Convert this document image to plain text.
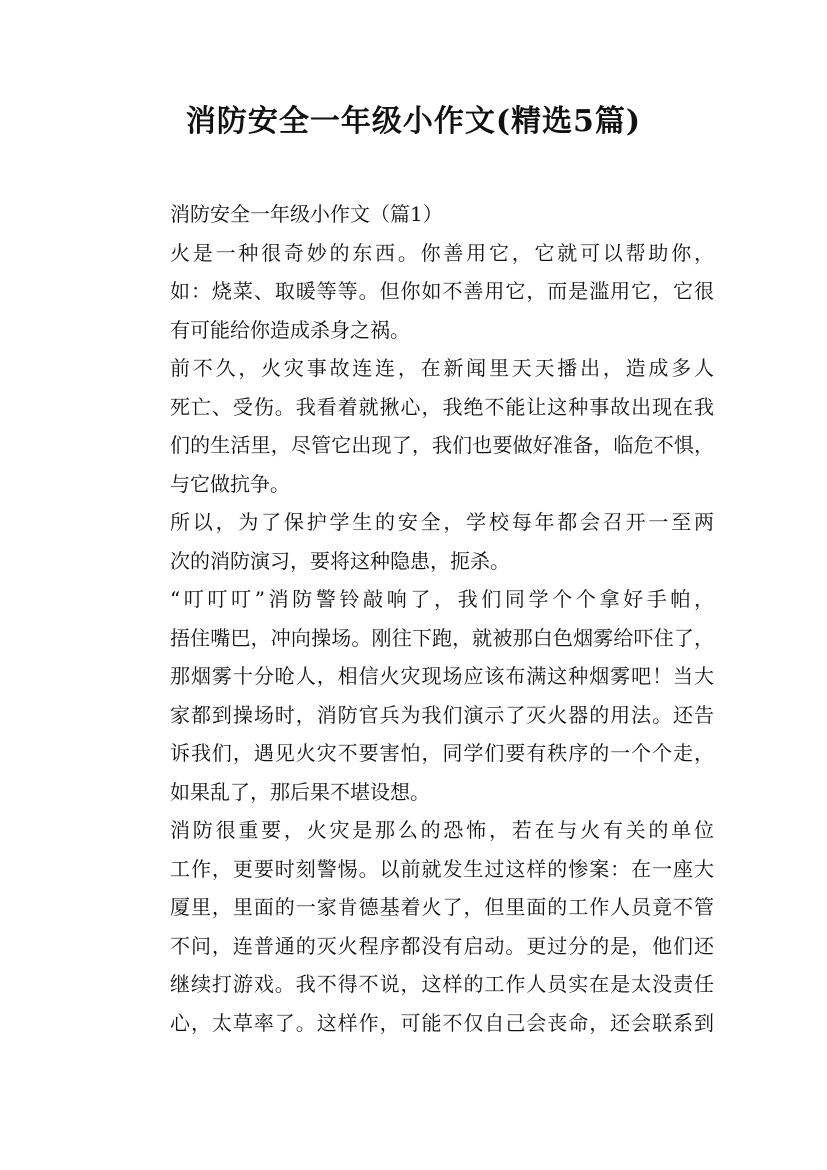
消防安全一年级小作文(精选5篇)

消防安全一年级小作文（篇1）

火是一种很奇妙的东西。你善用它，它就可以帮助你，
如：烧菜、取暖等等。但你如不善用它，而是滥用它，它很
有可能给你造成杀身之祸。

前不久，火灾事故连连，在新闻里天天播出，造成多人
死亡、受伤。我看着就揪心，我绝不能让这种事故出现在我
们的生活里，尽管它出现了，我们也要做好准备，临危不惧，
与它做抗争。

所以，为了保护学生的安全，学校每年都会召开一至两
次的消防演习，要将这种隐患，扼杀。

“叮叮叮”消防警铃敲响了，我们同学个个拿好手帕，
捂住嘴巴，冲向操场。刚往下跑，就被那白色烟雾给吓住了，
那烟雾十分呛人，相信火灾现场应该布满这种烟雾吧！当大
家都到操场时，消防官兵为我们演示了灭火器的用法。还告
诉我们，遇见火灾不要害怕，同学们要有秩序的一个个走，
如果乱了，那后果不堪设想。

消防很重要，火灾是那么的恐怖，若在与火有关的单位
工作，更要时刻警惕。以前就发生过这样的惨案：在一座大
厦里，里面的一家肯德基着火了，但里面的工作人员竟不管
不问，连普通的灭火程序都没有启动。更过分的是，他们还
继续打游戏。我不得不说，这样的工作人员实在是太没责任
心，太草率了。这样作，可能不仅自己会丧命，还会联系到
